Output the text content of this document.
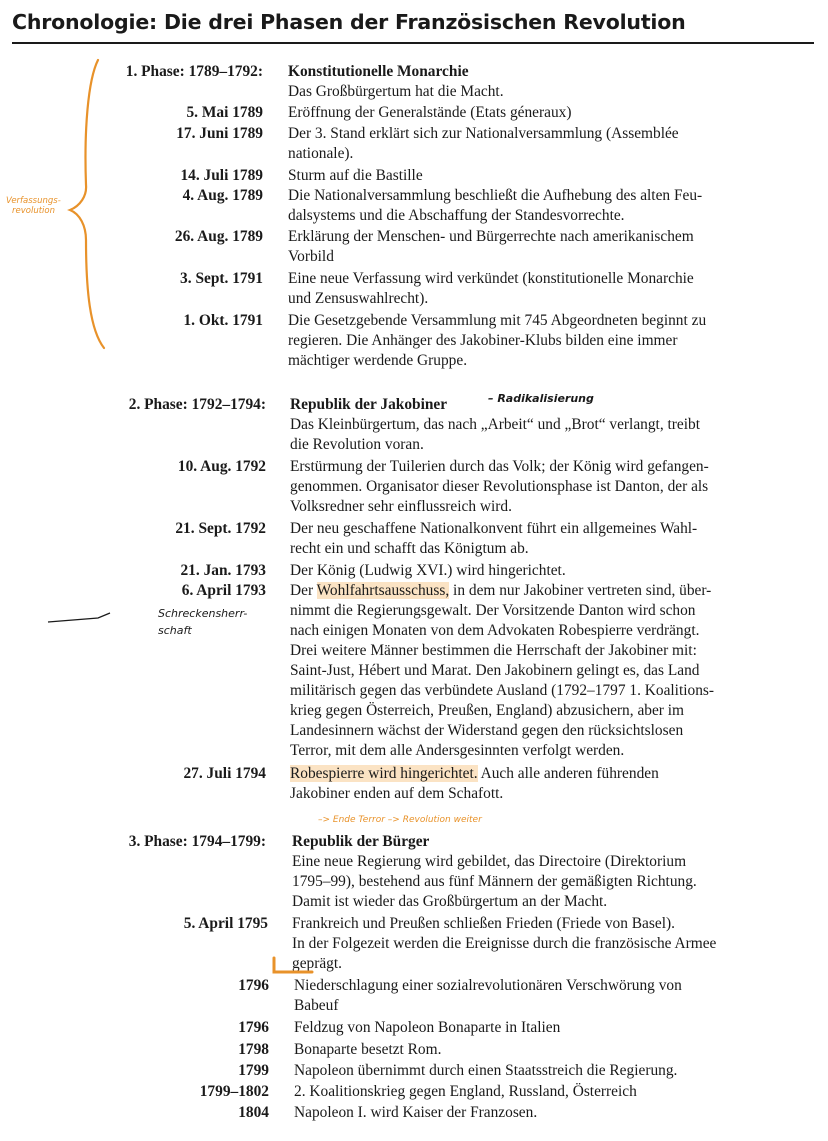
Chronologie: Die drei Phasen der Französischen Revolution
1. Phase: 1789–1792: Konstitutionelle Monarchie
Das Großbürgertum hat die Macht.
5. Mai 1789 Eröffnung der Generalstände (Etats géneraux)
17. Juni 1789 Der 3. Stand erklärt sich zur Nationalversammlung (Assemblée
nationale).
14. Juli 1789 Sturm auf die Bastille
4. Aug. 1789 Die Nationalversammlung beschließt die Aufhebung des alten Feu-
dalsystems und die Abschaffung der Standesvorrechte.
26. Aug. 1789 Erklärung der Menschen- und Bürgerrechte nach amerikanischem
Vorbild
3. Sept. 1791 Eine neue Verfassung wird verkündet (konstitutionelle Monarchie
und Zensuswahlrecht).
1. Okt. 1791 Die Gesetzgebende Versammlung mit 745 Abgeordneten beginnt zu
regieren. Die Anhänger des Jakobiner-Klubs bilden eine immer
mächtiger werdende Gruppe.
2. Phase: 1792–1794: Republik der Jakobiner
Das Kleinbürgertum, das nach „Arbeit“ und „Brot“ verlangt, treibt
die Revolution voran.
10. Aug. 1792 Erstürmung der Tuilerien durch das Volk; der König wird gefangen-
genommen. Organisator dieser Revolutionsphase ist Danton, der als
Volksredner sehr einflussreich wird.
21. Sept. 1792 Der neu geschaffene Nationalkonvent führt ein allgemeines Wahl-
recht ein und schafft das Königtum ab.
21. Jan. 1793 Der König (Ludwig XVI.) wird hingerichtet.
6. April 1793 Der Wohlfahrtsausschuss, in dem nur Jakobiner vertreten sind, über-
nimmt die Regierungsgewalt. Der Vorsitzende Danton wird schon
nach einigen Monaten von dem Advokaten Robespierre verdrängt.
Drei weitere Männer bestimmen die Herrschaft der Jakobiner mit:
Saint-Just, Hébert und Marat. Den Jakobinern gelingt es, das Land
militärisch gegen das verbündete Ausland (1792–1797 1. Koalitions-
krieg gegen Österreich, Preußen, England) abzusichern, aber im
Landesinnern wächst der Widerstand gegen den rücksichtslosen
Terror, mit dem alle Andersgesinnten verfolgt werden.
27. Juli 1794 Robespierre wird hingerichtet. Auch alle anderen führenden
Jakobiner enden auf dem Schafott.
3. Phase: 1794–1799: Republik der Bürger
Eine neue Regierung wird gebildet, das Directoire (Direktorium
1795–99), bestehend aus fünf Männern der gemäßigten Richtung.
Damit ist wieder das Großbürgertum an der Macht.
5. April 1795 Frankreich und Preußen schließen Frieden (Friede von Basel).
In der Folgezeit werden die Ereignisse durch die französische Armee
geprägt.
1796 Niederschlagung einer sozialrevolutionären Verschwörung von
Babeuf
1796 Feldzug von Napoleon Bonaparte in Italien
1798 Bonaparte besetzt Rom.
1799 Napoleon übernimmt durch einen Staatsstreich die Regierung.
1799–1802 2. Koalitionskrieg gegen England, Russland, Österreich
1804 Napoleon I. wird Kaiser der Franzosen.
Verfassungs-
revolution
– Radikalisierung
Schreckensherr-
schaft
–> Ende Terror –> Revolution weiter
